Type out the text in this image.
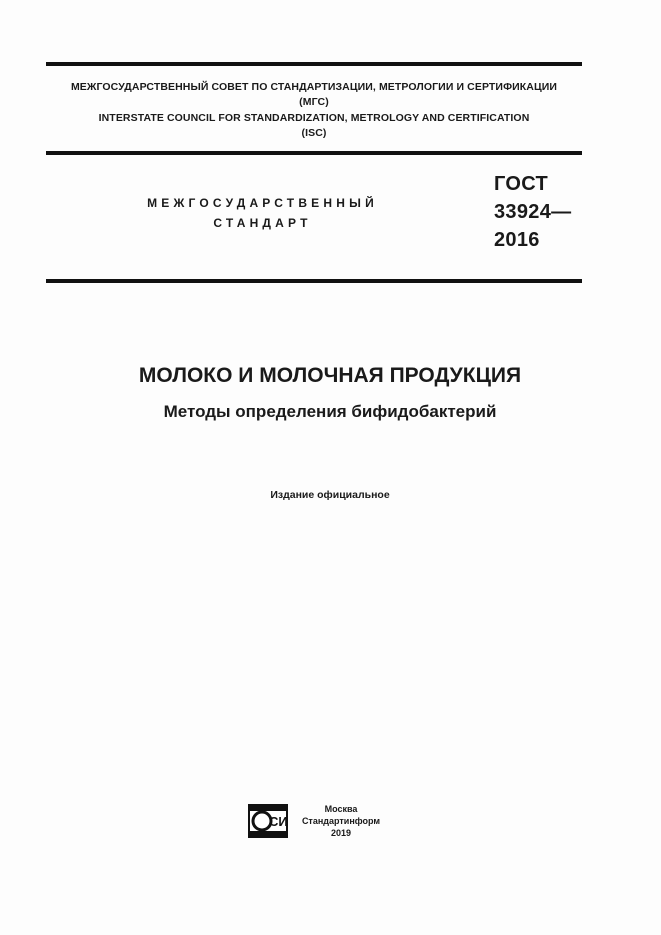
МЕЖГОСУДАРСТВЕННЫЙ СОВЕТ ПО СТАНДАРТИЗАЦИИ, МЕТРОЛОГИИ И СЕРТИФИКАЦИИ
(МГС)
INTERSTATE COUNCIL FOR STANDARDIZATION, METROLOGY AND CERTIFICATION
(ISC)
МЕЖГОСУДАРСТВЕННЫЙ
СТАНДАРТ
ГОСТ
33924—
2016
МОЛОКО И МОЛОЧНАЯ ПРОДУКЦИЯ
Методы определения бифидобактерий
Издание официальное
СИ
Москва
Стандартинформ
2019
